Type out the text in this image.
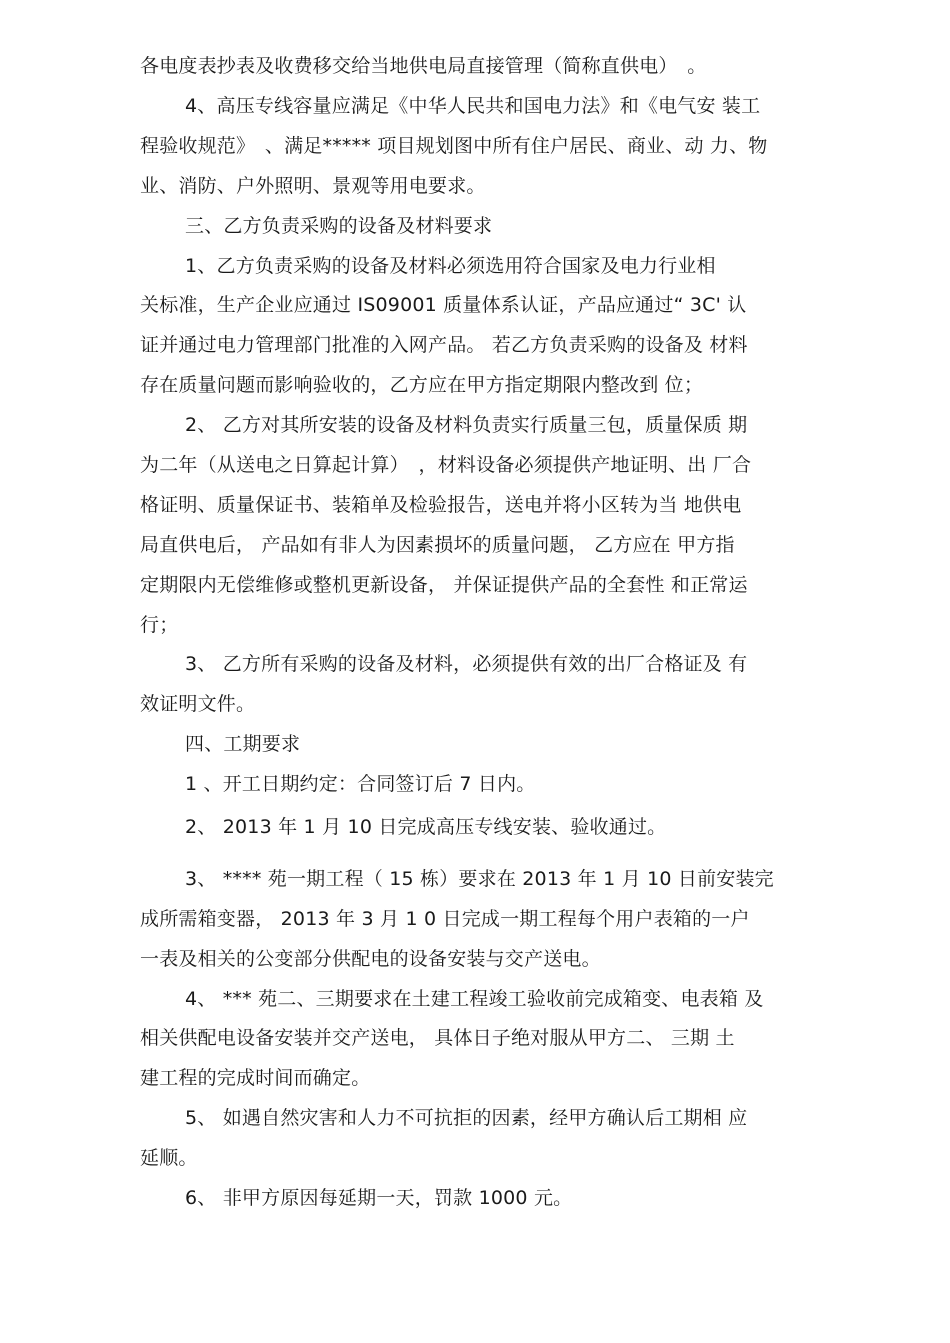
各电度表抄表及收费移交给当地供电局直接管理（简称直供电）　。
4、高压专线容量应满足《中华人民共和国电力法》和《电气安 装工
程验收规范》　、满足***** 项目规划图中所有住户居民、商业、动 力、物
业、消防、户外照明、景观等用电要求。
三、乙方负责采购的设备及材料要求
1、乙方负责采购的设备及材料必须选用符合国家及电力行业相
关标准，生产企业应通过 IS09001 质量体系认证，产品应通过“ 3C' 认
证并通过电力管理部门批准的入网产品。 若乙方负责采购的设备及 材料
存在质量问题而影响验收的，乙方应在甲方指定期限内整改到 位；
2、 乙方对其所安装的设备及材料负责实行质量三包，质量保质 期
为二年（从送电之日算起计算）　，材料设备必须提供产地证明、出 厂合
格证明、质量保证书、装箱单及检验报告，送电并将小区转为当 地供电
局直供电后， 产品如有非人为因素损坏的质量问题， 乙方应在 甲方指
定期限内无偿维修或整机更新设备， 并保证提供产品的全套性 和正常运
行；
3、 乙方所有采购的设备及材料，必须提供有效的出厂合格证及 有
效证明文件。
四、工期要求
1 、开工日期约定：合同签订后 7 日内。
2、 2013 年 1 月 10 日完成高压专线安装、验收通过。
3、 **** 苑一期工程（ 15 栋）要求在 2013 年 1 月 10 日前安装完
成所需箱变器， 2013 年 3 月 1 0 日完成一期工程每个用户表箱的一户
一表及相关的公变部分供配电的设备安装与交产送电。
4、 *** 苑二、三期要求在土建工程竣工验收前完成箱变、电表箱 及
相关供配电设备安装并交产送电， 具体日子绝对服从甲方二、 三期 土
建工程的完成时间而确定。
5、 如遇自然灾害和人力不可抗拒的因素，经甲方确认后工期相 应
延顺。
6、 非甲方原因每延期一天，罚款 1000 元。
